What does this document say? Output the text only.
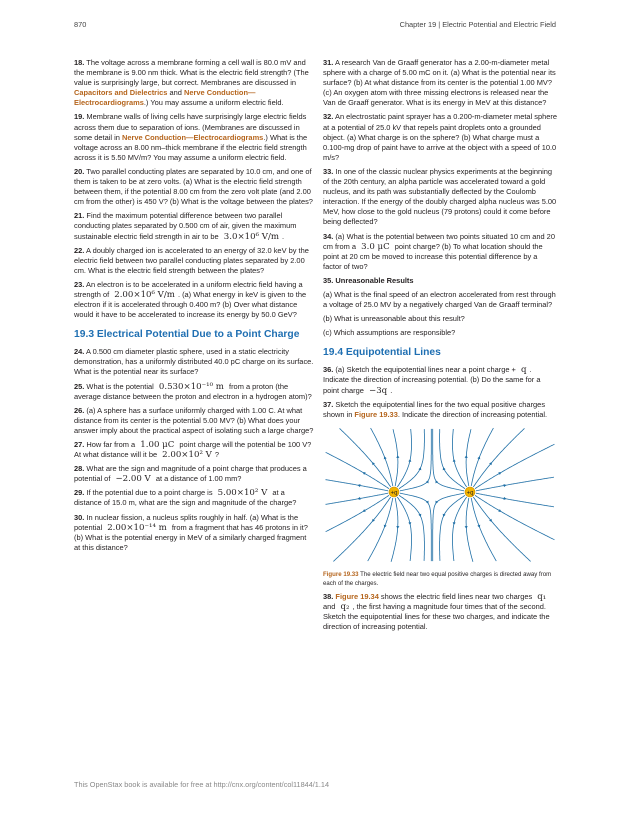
870	Chapter 19 | Electric Potential and Electric Field

18. The voltage across a membrane forming a cell wall is 80.0 mV and the membrane is 9.00 nm thick. What is the electric field strength? (The value is surprisingly large, but correct. Membranes are discussed in Capacitors and Dielectrics and Nerve Conduction—Electrocardiograms.) You may assume a uniform electric field.

19. Membrane walls of living cells have surprisingly large electric fields across them due to separation of ions. (Membranes are discussed in some detail in Nerve Conduction—Electrocardiograms.) What is the voltage across an 8.00 nm–thick membrane if the electric field strength across it is 5.50 MV/m? You may assume a uniform electric field.

20. Two parallel conducting plates are separated by 10.0 cm, and one of them is taken to be at zero volts. (a) What is the electric field strength between them, if the potential 8.00 cm from the zero volt plate (and 2.00 cm from the other) is 450 V? (b) What is the voltage between the plates?

21. Find the maximum potential difference between two parallel conducting plates separated by 0.500 cm of air, given the maximum sustainable electric field strength in air to be 3.0×10⁶ V/m .

22. A doubly charged ion is accelerated to an energy of 32.0 keV by the electric field between two parallel conducting plates separated by 2.00 cm. What is the electric field strength between the plates?

23. An electron is to be accelerated in a uniform electric field having a strength of 2.00×10⁶ V/m . (a) What energy in keV is given to the electron if it is accelerated through 0.400 m? (b) Over what distance would it have to be accelerated to increase its energy by 50.0 GeV?

19.3 Electrical Potential Due to a Point Charge

24. A 0.500 cm diameter plastic sphere, used in a static electricity demonstration, has a uniformly distributed 40.0 pC charge on its surface. What is the potential near its surface?

25. What is the potential 0.530×10⁻¹⁰ m from a proton (the average distance between the proton and electron in a hydrogen atom)?

26. (a) A sphere has a surface uniformly charged with 1.00 C. At what distance from its center is the potential 5.00 MV? (b) What does your answer imply about the practical aspect of isolating such a large charge?

27. How far from a 1.00 μC point charge will the potential be 100 V? At what distance will it be 2.00×10² V ?

28. What are the sign and magnitude of a point charge that produces a potential of −2.00 V at a distance of 1.00 mm?

29. If the potential due to a point charge is 5.00×10² V at a distance of 15.0 m, what are the sign and magnitude of the charge?

30. In nuclear fission, a nucleus splits roughly in half. (a) What is the potential 2.00×10⁻¹⁴ m from a fragment that has 46 protons in it? (b) What is the potential energy in MeV of a similarly charged fragment at this distance?

31. A research Van de Graaff generator has a 2.00-m-diameter metal sphere with a charge of 5.00 mC on it. (a) What is the potential near its surface? (b) At what distance from its center is the potential 1.00 MV? (c) An oxygen atom with three missing electrons is released near the Van de Graaff generator. What is its energy in MeV at this distance?

32. An electrostatic paint sprayer has a 0.200-m-diameter metal sphere at a potential of 25.0 kV that repels paint droplets onto a grounded object. (a) What charge is on the sphere? (b) What charge must a 0.100-mg drop of paint have to arrive at the object with a speed of 10.0 m/s?

33. In one of the classic nuclear physics experiments at the beginning of the 20th century, an alpha particle was accelerated toward a gold nucleus, and its path was substantially deflected by the Coulomb interaction. If the energy of the doubly charged alpha nucleus was 5.00 MeV, how close to the gold nucleus (79 protons) could it come before being deflected?

34. (a) What is the potential between two points situated 10 cm and 20 cm from a 3.0 μC point charge? (b) To what location should the point at 20 cm be moved to increase this potential difference by a factor of two?

35. Unreasonable Results

(a) What is the final speed of an electron accelerated from rest through a voltage of 25.0 MV by a negatively charged Van de Graaff terminal?

(b) What is unreasonable about this result?

(c) Which assumptions are responsible?

19.4 Equipotential Lines

36. (a) Sketch the equipotential lines near a point charge + q . Indicate the direction of increasing potential. (b) Do the same for a point charge −3q .

37. Sketch the equipotential lines for the two equal positive charges shown in Figure 19.33. Indicate the direction of increasing potential.

+q	+q

Figure 19.33 The electric field near two equal positive charges is directed away from each of the charges.

38. Figure 19.34 shows the electric field lines near two charges q₁ and q₂ , the first having a magnitude four times that of the second. Sketch the equipotential lines for these two charges, and indicate the direction of increasing potential.

This OpenStax book is available for free at http://cnx.org/content/col11844/1.14
